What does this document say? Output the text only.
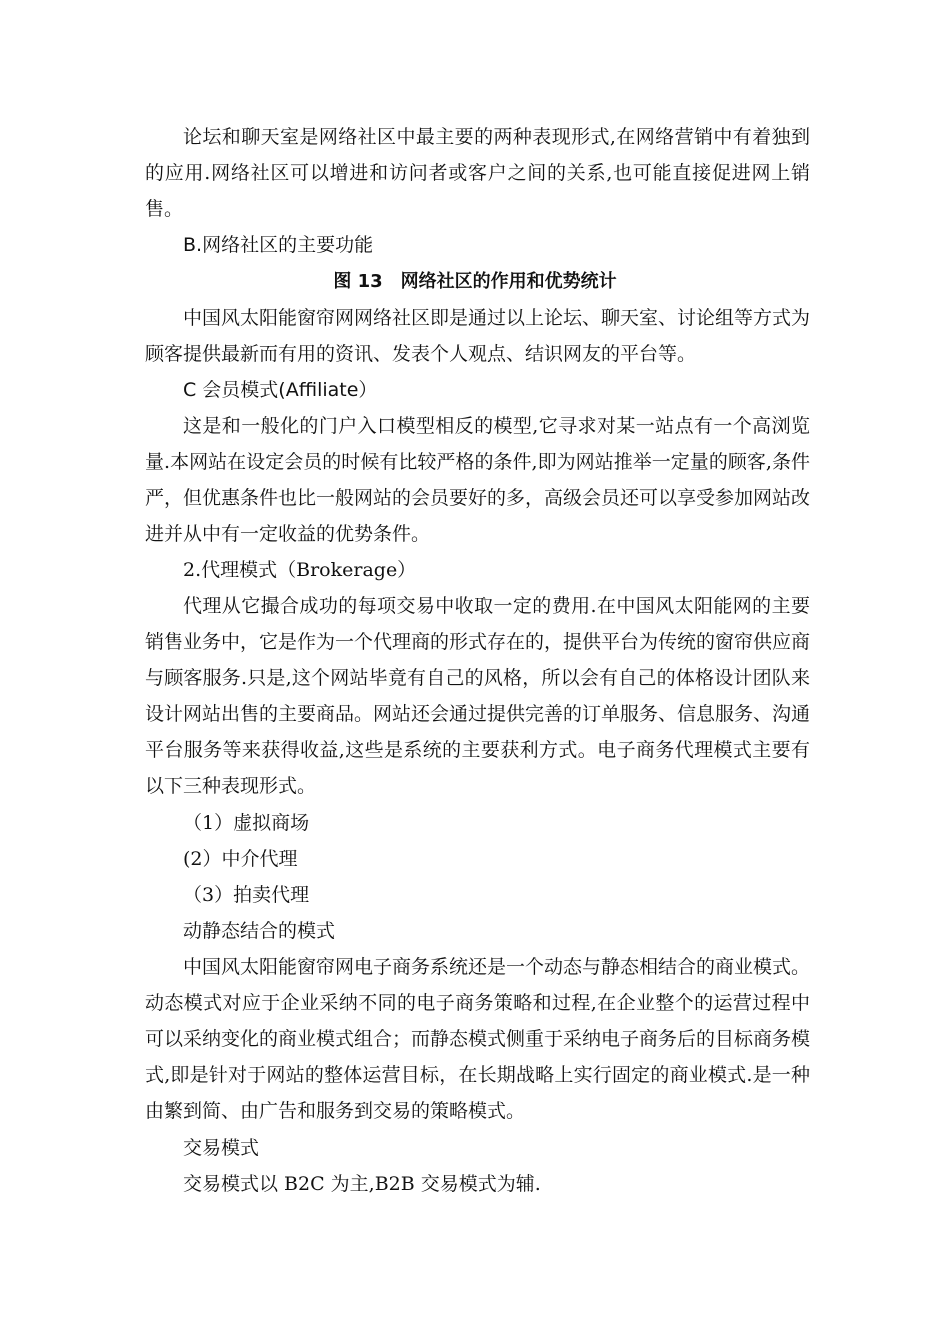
论坛和聊天室是网络社区中最主要的两种表现形式,在网络营销中有着独到的应用.网络社区可以增进和访问者或客户之间的关系,也可能直接促进网上销售。

B.网络社区的主要功能

图 13　网络社区的作用和优势统计

中国风太阳能窗帘网网络社区即是通过以上论坛、聊天室、讨论组等方式为顾客提供最新而有用的资讯、发表个人观点、结识网友的平台等。

C 会员模式(Affiliate）

这是和一般化的门户入口模型相反的模型,它寻求对某一站点有一个高浏览量.本网站在设定会员的时候有比较严格的条件,即为网站推举一定量的顾客,条件严，但优惠条件也比一般网站的会员要好的多，高级会员还可以享受参加网站改进并从中有一定收益的优势条件。

2.代理模式（Brokerage）

代理从它撮合成功的每项交易中收取一定的费用.在中国风太阳能网的主要销售业务中，它是作为一个代理商的形式存在的，提供平台为传统的窗帘供应商与顾客服务.只是,这个网站毕竟有自己的风格，所以会有自己的体格设计团队来设计网站出售的主要商品。网站还会通过提供完善的订单服务、信息服务、沟通平台服务等来获得收益,这些是系统的主要获利方式。电子商务代理模式主要有以下三种表现形式。

（1）虚拟商场

(2）中介代理

（3）拍卖代理

动静态结合的模式

中国风太阳能窗帘网电子商务系统还是一个动态与静态相结合的商业模式。动态模式对应于企业采纳不同的电子商务策略和过程,在企业整个的运营过程中可以采纳变化的商业模式组合；而静态模式侧重于采纳电子商务后的目标商务模式,即是针对于网站的整体运营目标，在长期战略上实行固定的商业模式.是一种由繁到简、由广告和服务到交易的策略模式。

交易模式

交易模式以 B2C 为主,B2B 交易模式为辅.
